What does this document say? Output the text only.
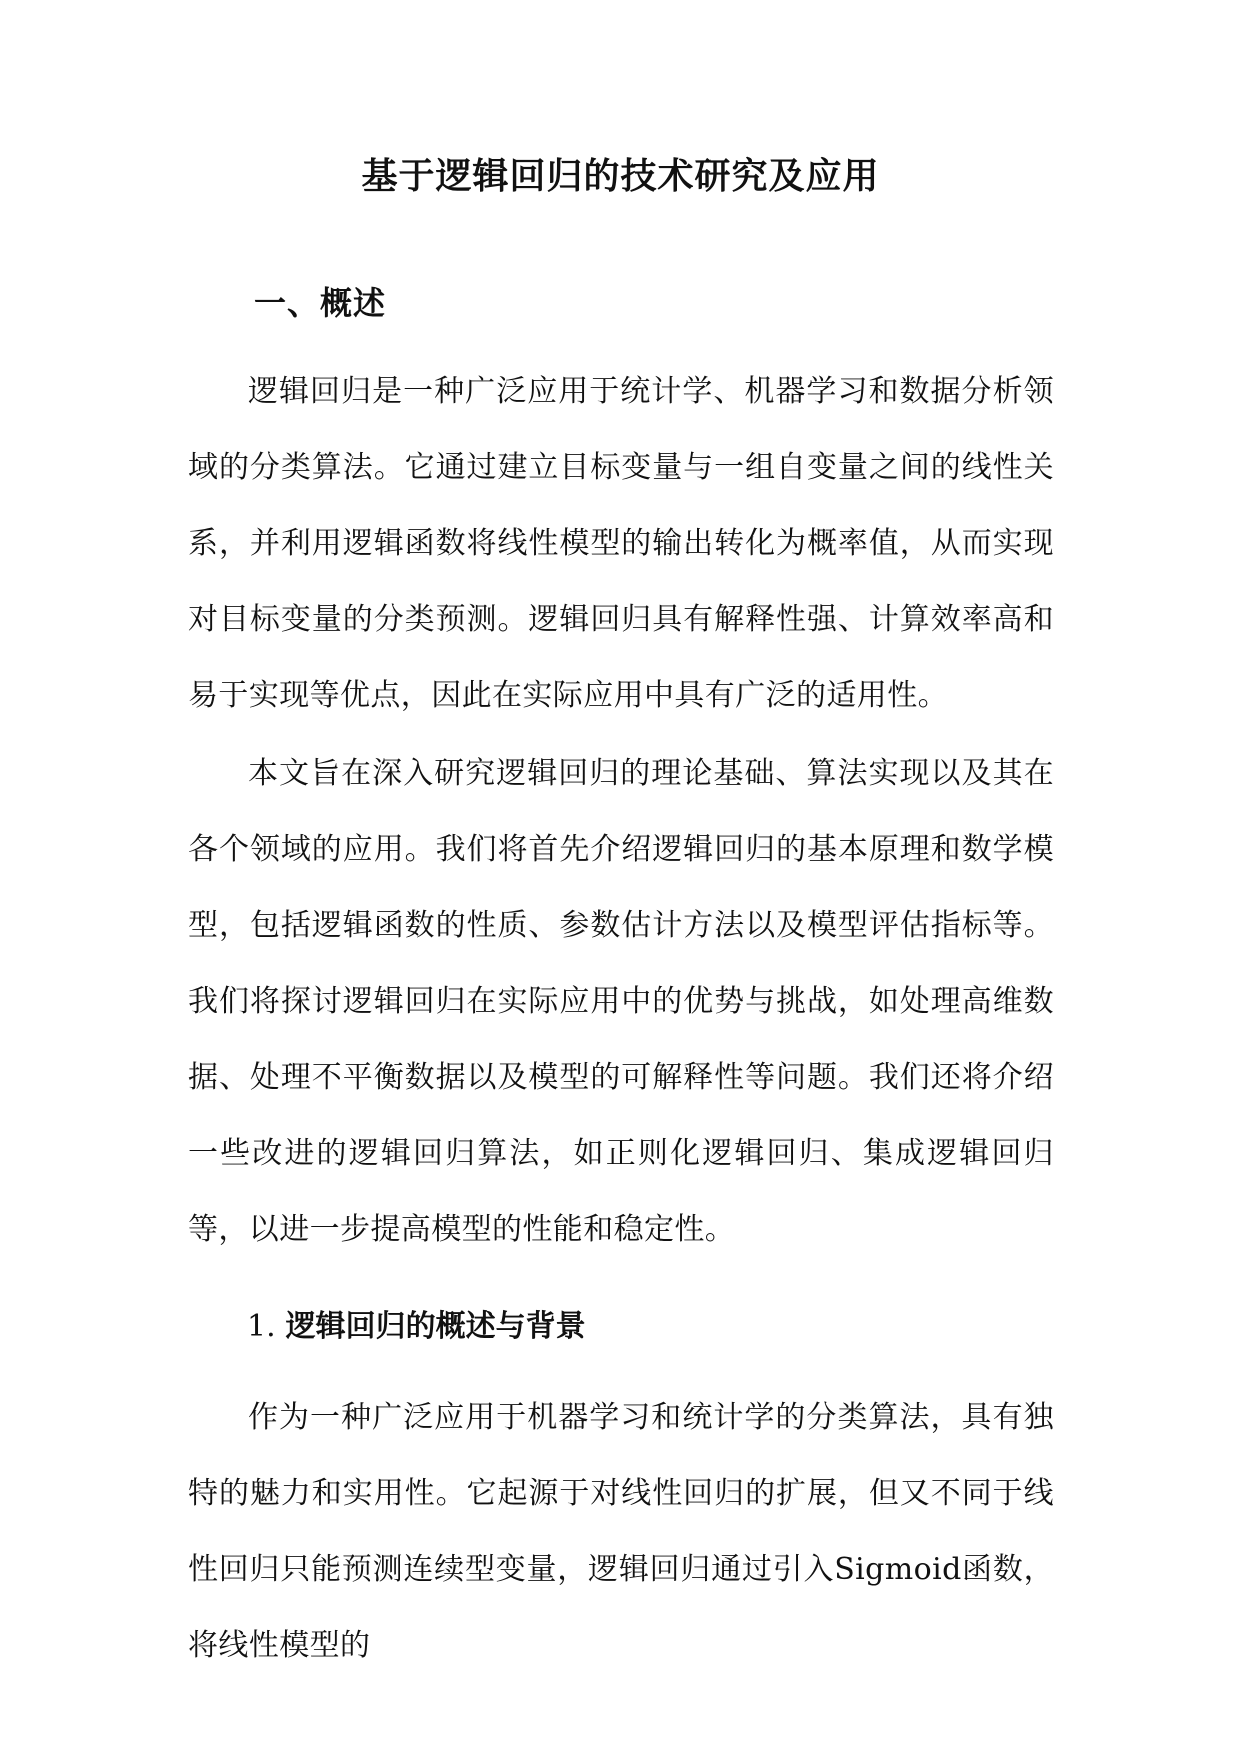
基于逻辑回归的技术研究及应用
一、概述

逻辑回归是一种广泛应用于统计学、机器学习和数据分析领域的分类算法。它通过建立目标变量与一组自变量之间的线性关系，并利用逻辑函数将线性模型的输出转化为概率值，从而实现对目标变量的分类预测。逻辑回归具有解释性强、计算效率高和易于实现等优点，因此在实际应用中具有广泛的适用性。

本文旨在深入研究逻辑回归的理论基础、算法实现以及其在各个领域的应用。我们将首先介绍逻辑回归的基本原理和数学模型，包括逻辑函数的性质、参数估计方法以及模型评估指标等。我们将探讨逻辑回归在实际应用中的优势与挑战，如处理高维数据、处理不平衡数据以及模型的可解释性等问题。我们还将介绍一些改进的逻辑回归算法，如正则化逻辑回归、集成逻辑回归等，以进一步提高模型的性能和稳定性。

1. 逻辑回归的概述与背景

作为一种广泛应用于机器学习和统计学的分类算法，具有独特的魅力和实用性。它起源于对线性回归的扩展，但又不同于线性回归只能预测连续型变量，逻辑回归通过引入Sigmoid函数，将线性模型的
